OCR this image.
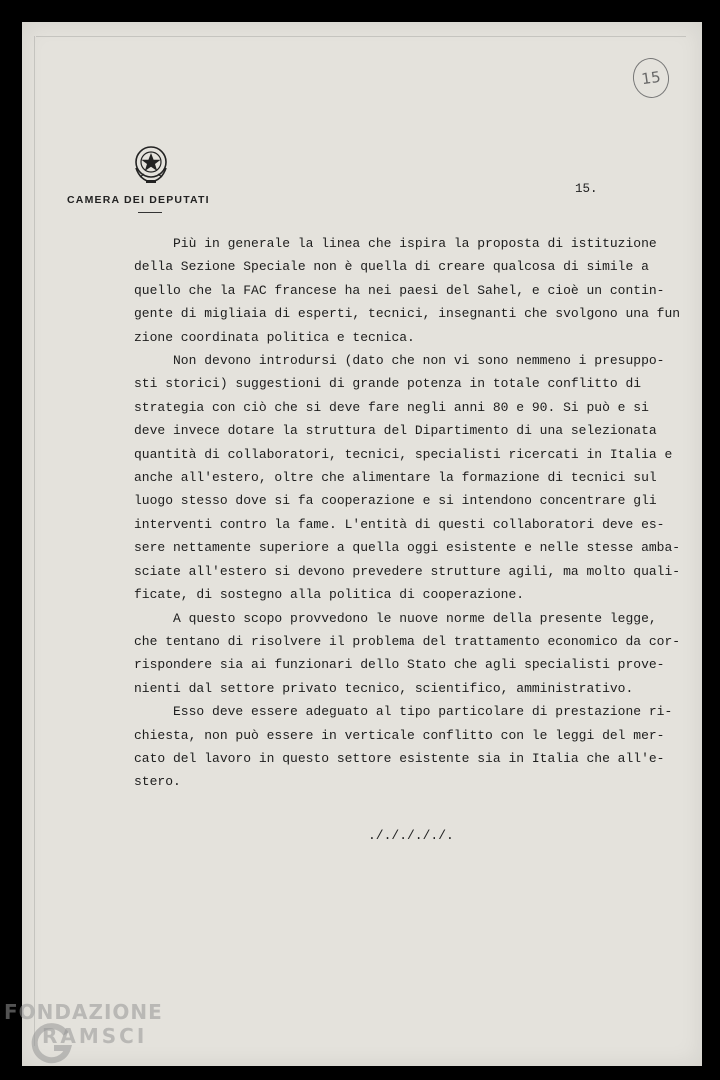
CAMERA DEI DEPUTATI
15.
15
Più in generale la linea che ispira la proposta di istituzione
della Sezione Speciale non è quella di creare qualcosa di simile a
quello che la FAC francese ha nei paesi del Sahel, e cioè un contin-
gente di migliaia di esperti, tecnici, insegnanti che svolgono una fun
zione coordinata politica e tecnica.
Non devono introdursi (dato che non vi sono nemmeno i presuppo-
sti storici) suggestioni di grande potenza in totale conflitto di
strategia con ciò che si deve fare negli anni 80 e 90. Si può e si
deve invece dotare la struttura del Dipartimento di una selezionata
quantità di collaboratori, tecnici, specialisti ricercati in Italia e
anche all'estero, oltre che alimentare la formazione di tecnici sul
luogo stesso dove si fa cooperazione e si intendono concentrare gli
interventi contro la fame. L'entità di questi collaboratori deve es-
sere nettamente superiore a quella oggi esistente e nelle stesse amba-
sciate all'estero si devono prevedere strutture agili, ma molto quali-
ficate, di sostegno alla politica di cooperazione.
A questo scopo provvedono le nuove norme della presente legge,
che tentano di risolvere il problema del trattamento economico da cor-
rispondere sia ai funzionari dello Stato che agli specialisti prove-
nienti dal settore privato tecnico, scientifico, amministrativo.
Esso deve essere adeguato al tipo particolare di prestazione ri-
chiesta, non può essere in verticale conflitto con le leggi del mer-
cato del lavoro in questo settore esistente sia in Italia che all'e-
stero.
./././././.
FONDAZIONE
RAMSCI
